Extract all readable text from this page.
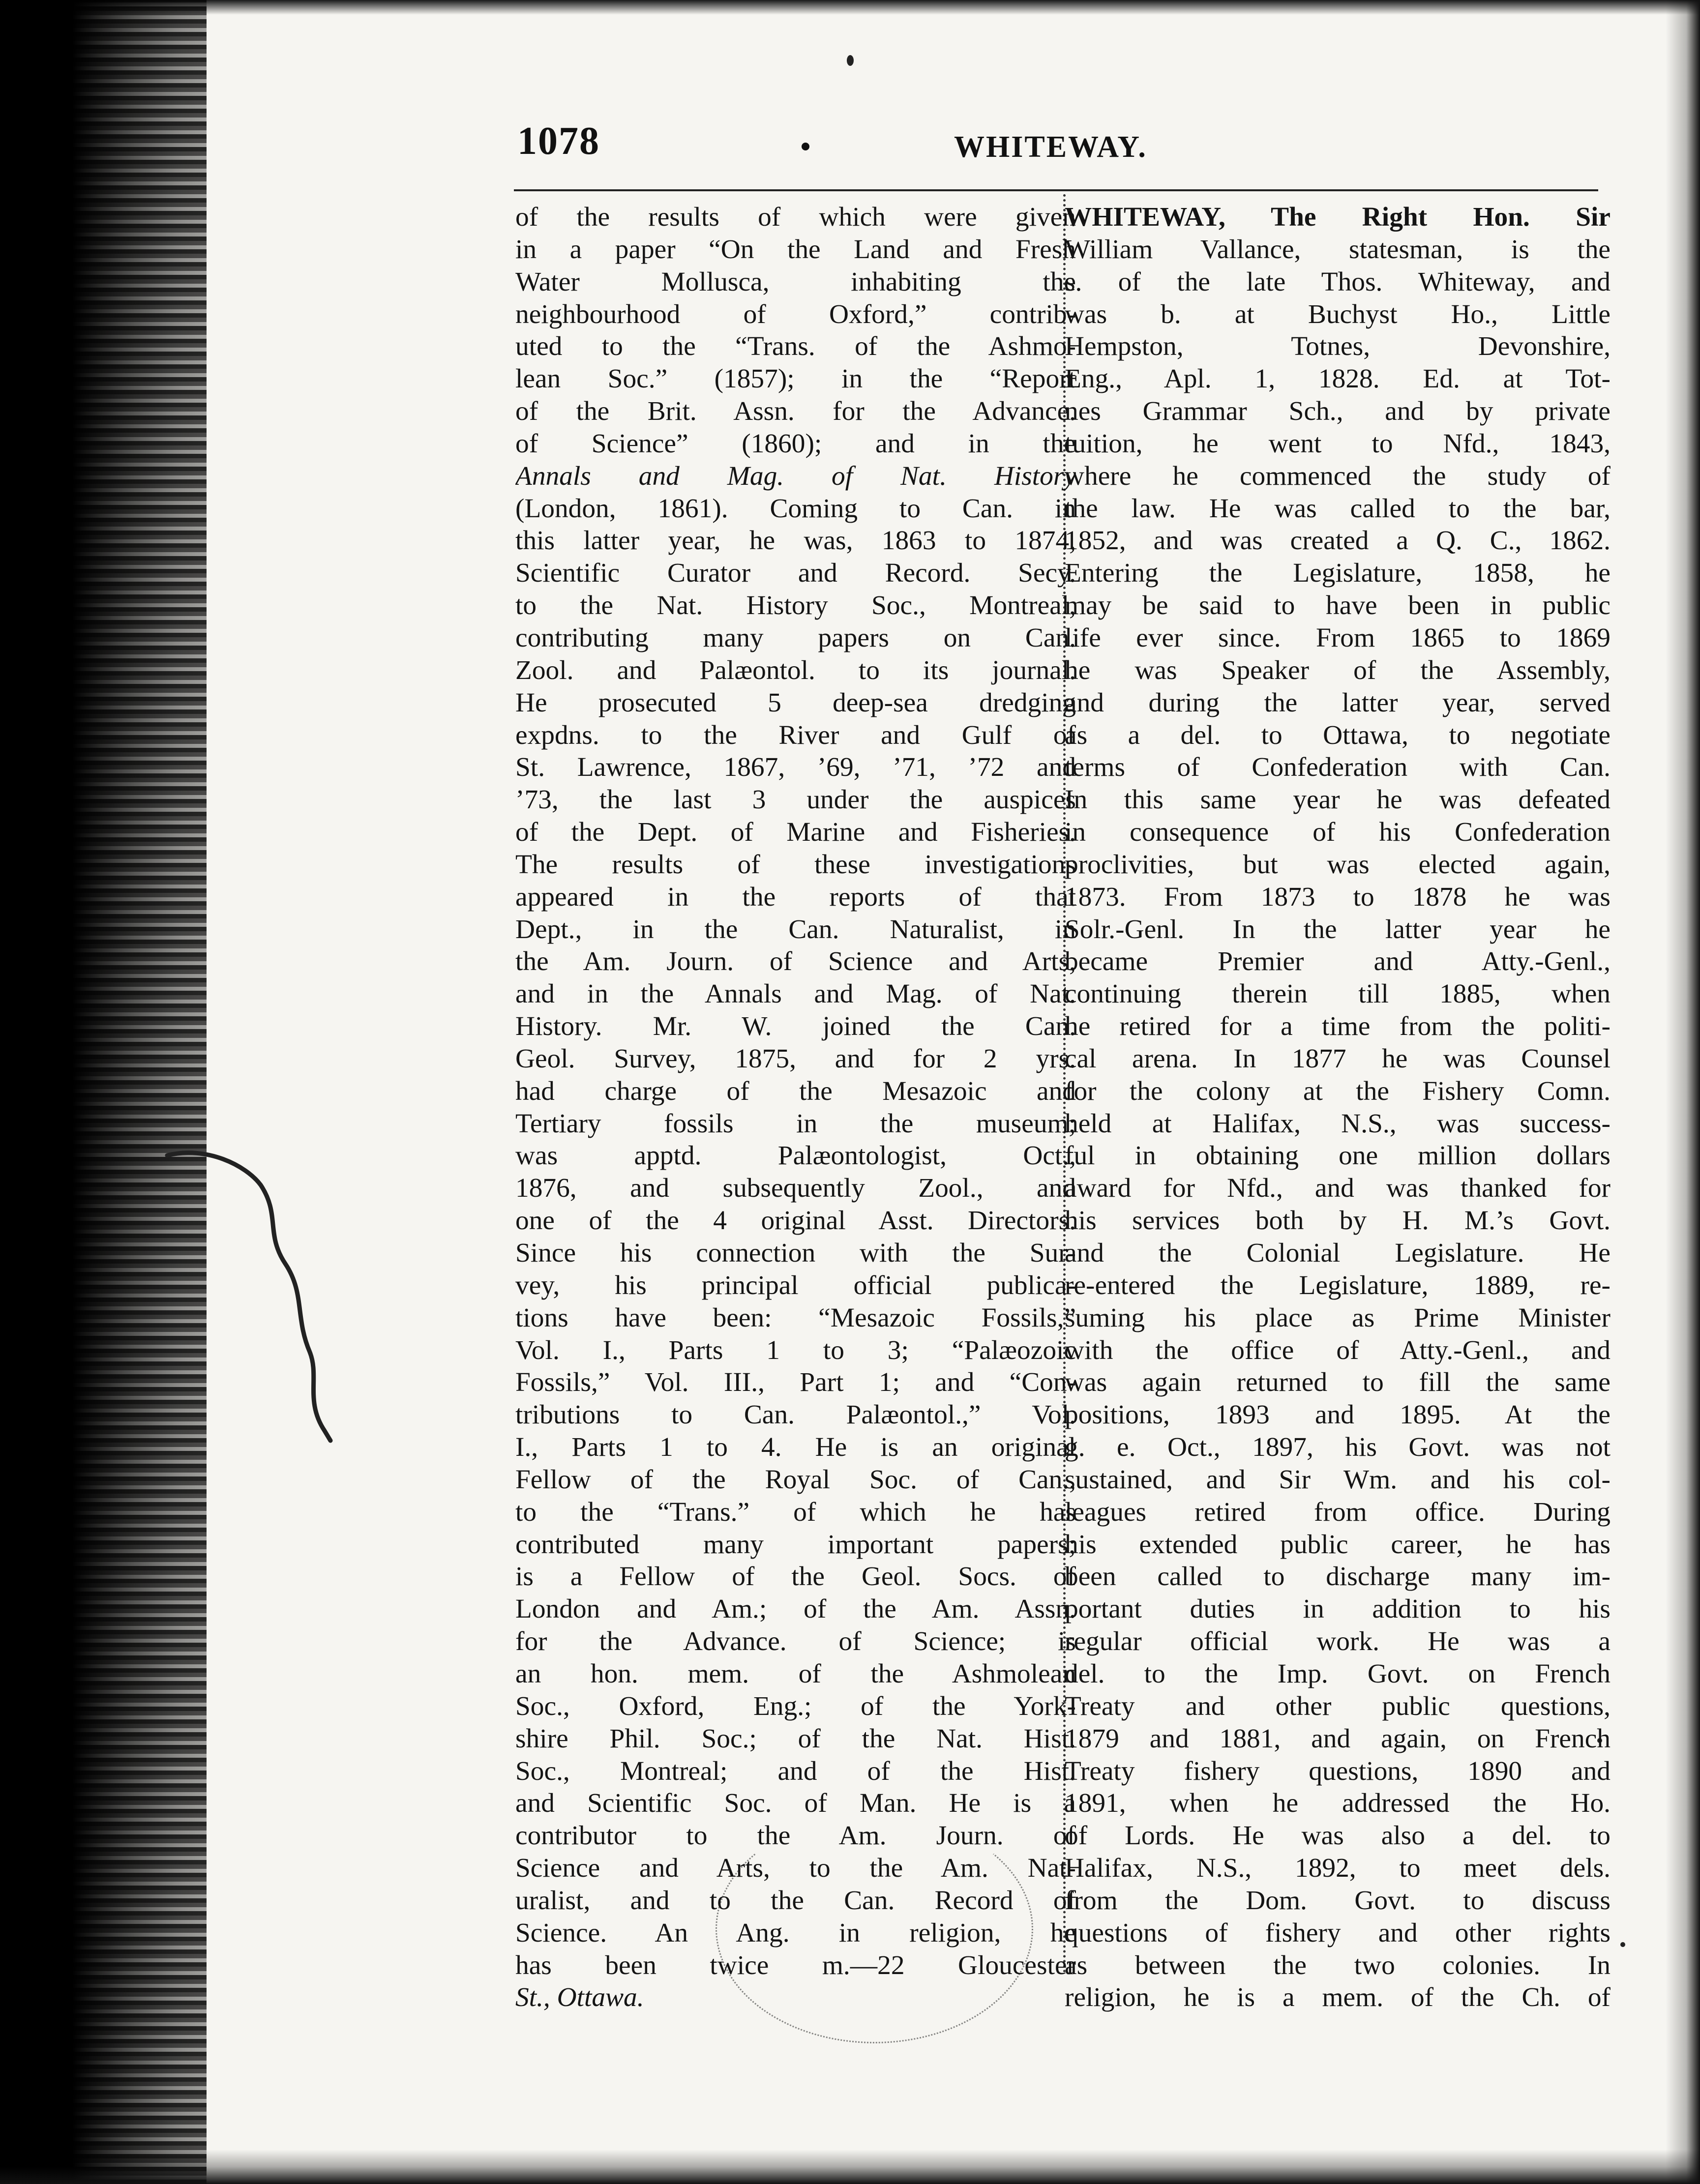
1078	WHITEWAY.
of the results of which were given
in a paper “On the Land and Fresh
Water Mollusca, inhabiting the
neighbourhood of Oxford,” contrib-
uted to the “Trans. of the Ashmo-
lean Soc.” (1857); in the “Report
of the Brit. Assn. for the Advance.
of Science” (1860); and in the
Annals and Mag. of Nat. History
(London, 1861). Coming to Can. in
this latter year, he was, 1863 to 1874,
Scientific Curator and Record. Secy.
to the Nat. History Soc., Montreal,
contributing many papers on Can.
Zool. and Palæontol. to its journal.
He prosecuted 5 deep-sea dredging
expdns. to the River and Gulf of
St. Lawrence, 1867, ’69, ’71, ’72 and
’73, the last 3 under the auspices
of the Dept. of Marine and Fisheries.
The results of these investigations
appeared in the reports of that
Dept., in the Can. Naturalist, in
the Am. Journ. of Science and Arts,
and in the Annals and Mag. of Nat.
History. Mr. W. joined the Can.
Geol. Survey, 1875, and for 2 yrs.
had charge of the Mesazoic and
Tertiary fossils in the museum;
was apptd. Palæontologist, Oct.,
1876, and subsequently Zool., and
one of the 4 original Asst. Directors.
Since his connection with the Sur-
vey, his principal official publica-
tions have been: “Mesazoic Fossils,”
Vol. I., Parts 1 to 3; “Palæozoic
Fossils,” Vol. III., Part 1; and “Con-
tributions to Can. Palæontol.,” Vol.
I., Parts 1 to 4. He is an original
Fellow of the Royal Soc. of Can.,
to the “Trans.” of which he has
contributed many important papers;
is a Fellow of the Geol. Socs. of
London and Am.; of the Am. Assn.
for the Advance. of Science; is
an hon. mem. of the Ashmolean
Soc., Oxford, Eng.; of the York-
shire Phil. Soc.; of the Nat. Hist.
Soc., Montreal; and of the Hist.
and Scientific Soc. of Man. He is a
contributor to the Am. Journ. of
Science and Arts, to the Am. Nat-
uralist, and to the Can. Record of
Science. An Ang. in religion, he
has been twice m.—22 Gloucester
St., Ottawa.
WHITEWAY, The Right Hon. Sir
William Vallance, statesman, is the
s. of the late Thos. Whiteway, and
was b. at Buchyst Ho., Little
Hempston, Totnes, Devonshire,
Eng., Apl. 1, 1828. Ed. at Tot-
nes Grammar Sch., and by private
tuition, he went to Nfd., 1843,
where he commenced the study of
the law. He was called to the bar,
1852, and was created a Q. C., 1862.
Entering the Legislature, 1858, he
may be said to have been in public
life ever since. From 1865 to 1869
he was Speaker of the Assembly,
and during the latter year, served
as a del. to Ottawa, to negotiate
terms of Confederation with Can.
In this same year he was defeated
in consequence of his Confederation
proclivities, but was elected again,
1873. From 1873 to 1878 he was
Solr.-Genl. In the latter year he
became Premier and Atty.-Genl.,
continuing therein till 1885, when
he retired for a time from the politi-
cal arena. In 1877 he was Counsel
for the colony at the Fishery Comn.
held at Halifax, N.S., was success-
ful in obtaining one million dollars
award for Nfd., and was thanked for
his services both by H. M.’s Govt.
and the Colonial Legislature. He
re-entered the Legislature, 1889, re-
suming his place as Prime Minister
with the office of Atty.-Genl., and
was again returned to fill the same
positions, 1893 and 1895. At the
g. e. Oct., 1897, his Govt. was not
sustained, and Sir Wm. and his col-
leagues retired from office. During
his extended public career, he has
been called to discharge many im-
portant duties in addition to his
regular official work. He was a
del. to the Imp. Govt. on French
Treaty and other public questions,
1879 and 1881, and again, on French
Treaty fishery questions, 1890 and
1891, when he addressed the Ho.
of Lords. He was also a del. to
Halifax, N.S., 1892, to meet dels.
from the Dom. Govt. to discuss
questions of fishery and other rights
as between the two colonies. In
religion, he is a mem. of the Ch. of
